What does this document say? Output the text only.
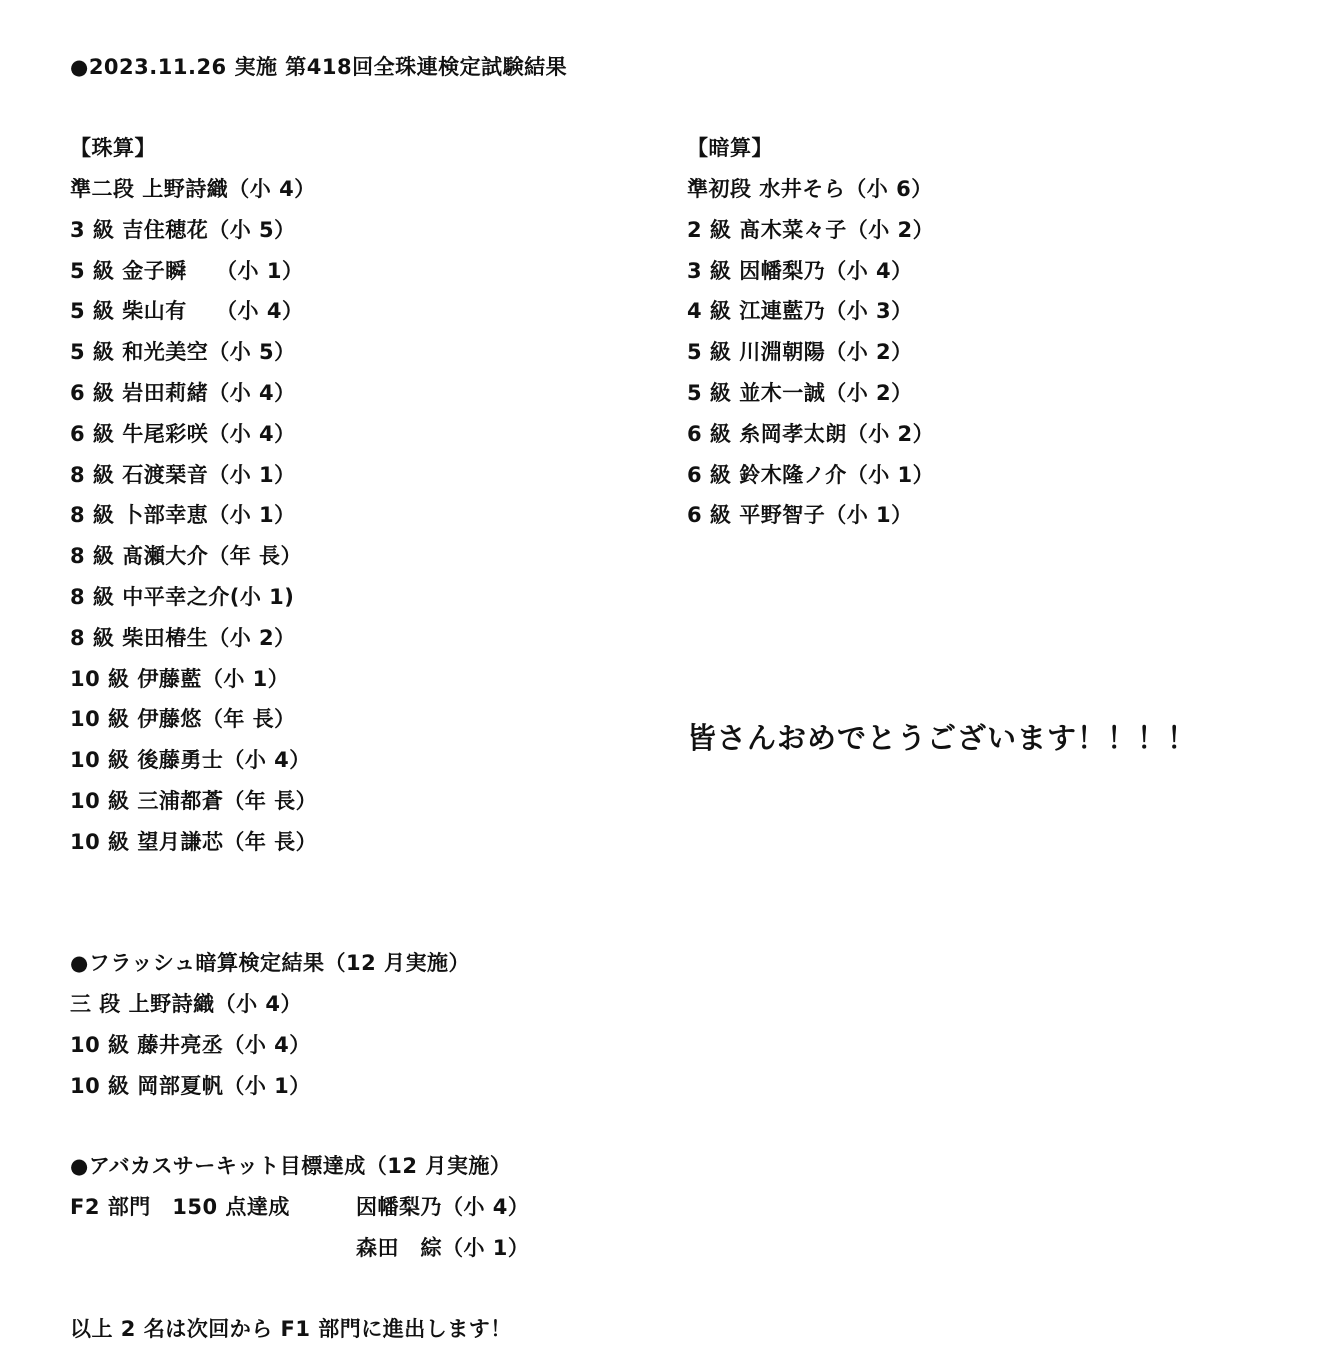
●2023.11.26 実施 第418回全珠連検定試験結果
【珠算】
準二段 上野詩織（小 4）
3 級 吉住穂花（小 5）
5 級 金子瞬　 （小 1）
5 級 柴山有　 （小 4）
5 級 和光美空（小 5）
6 級 岩田莉緒（小 4）
6 級 牛尾彩咲（小 4）
8 級 石渡琹音（小 1）
8 級 卜部幸恵（小 1）
8 級 髙瀬大介（年 長）
8 級 中平幸之介(小 1)
8 級 柴田椿生（小 2）
10 級 伊藤藍（小 1）
10 級 伊藤悠（年 長）
10 級 後藤勇士（小 4）
10 級 三浦都蒼（年 長）
10 級 望月謙芯（年 長）
【暗算】
準初段 水井そら（小 6）
2 級 髙木菜々子（小 2）
3 級 因幡梨乃（小 4）
4 級 江連藍乃（小 3）
5 級 川淵朝陽（小 2）
5 級 並木一誠（小 2）
6 級 糸岡孝太朗（小 2）
6 級 鈴木隆ノ介（小 1）
6 級 平野智子（小 1）
皆さんおめでとうございます！！！！
●フラッシュ暗算検定結果（12 月実施）
三 段 上野詩織（小 4）
10 級 藤井亮丞（小 4）
10 級 岡部夏帆（小 1）
●アバカスサーキット目標達成（12 月実施）
F2 部門　150 点達成	因幡梨乃（小 4）
森田　綜（小 1）
以上 2 名は次回から F1 部門に進出します！
